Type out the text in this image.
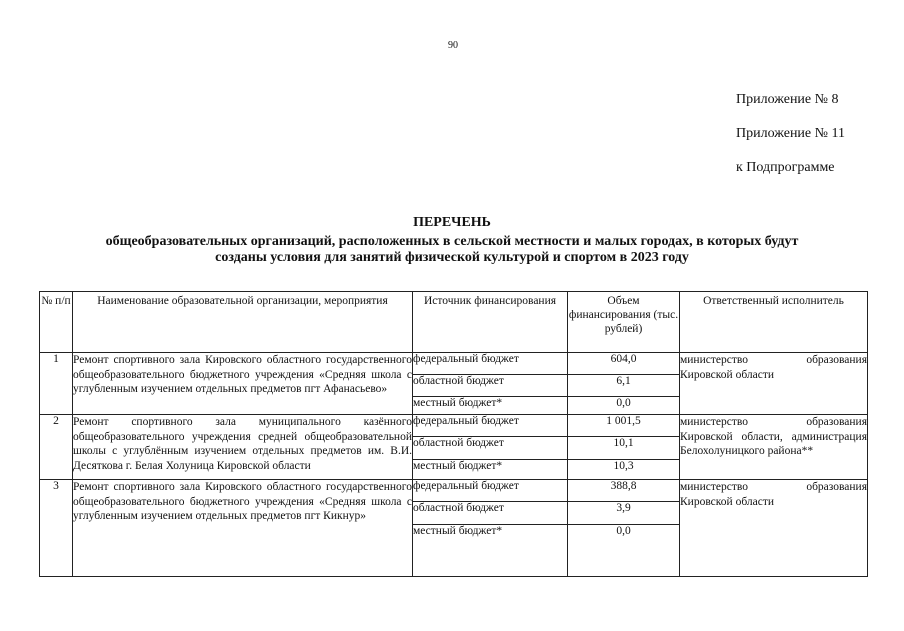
90
Приложение № 8
Приложение № 11
к Подпрограмме
ПЕРЕЧЕНЬ
общеобразовательных организаций, расположенных в сельской местности и малых городах, в которых будут
созданы условия для занятий физической культурой и спортом в 2023 году
№ п/п	Наименование образовательной организации, мероприятия	Источник финансирования	Объем финансирования (тыс. рублей)	Ответственный исполнитель
1	Ремонт спортивного зала Кировского областного государственного общеобразовательного бюджетного учреждения «Средняя школа с углубленным изучением отдельных предметов пгт Афанасьево»	федеральный бюджет	604,0	министерство образования Кировской области
		областной бюджет	6,1	
		местный бюджет*	0,0	
2	Ремонт спортивного зала муниципального казённого общеобразовательного учреждения средней общеобразовательной школы с углублённым изучением отдельных предметов им. В.И. Десяткова г. Белая Холуница Кировской области	федеральный бюджет	1 001,5	министерство образования Кировской области, администрация Белохолуницкого района**
		областной бюджет	10,1	
		местный бюджет*	10,3	
3	Ремонт спортивного зала Кировского областного государственного общеобразовательного бюджетного учреждения «Средняя школа с углубленным изучением отдельных предметов пгт Кикнур»	федеральный бюджет	388,8	министерство образования Кировской области
		областной бюджет	3,9	
		местный бюджет*	0,0	
